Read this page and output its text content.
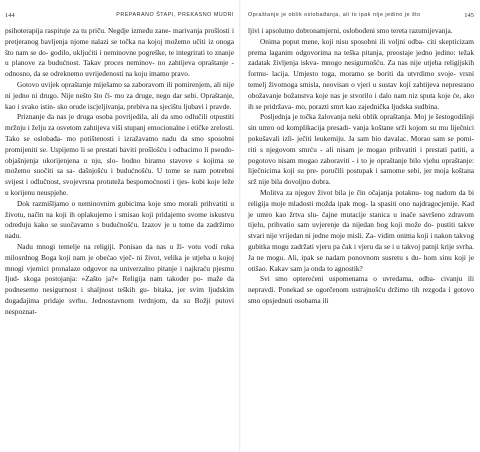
144	PREPARANO ŠTAPI, PREKASNO MUDRI

psihoterapija raspituje za tu priču. Negdje između zane- marivanja prošlosti i pretjeranog bavljenja njome nalazi se točka na kojoj možemo učiti iz onoga što nam se do- godilo, ukljućiti i neminovne pogreške, te integrirati to znanje u planove za budućnost. Takav proces neminov- no zahtijeva opraštanje - odnosno, da se odreknemo uvrijeđenosti na koju imamo pravo.

Gotovo uvijek opraštanje miješamo sa zaboravom ili pomirenjem, ali nije ni jedno ni drugo. Nije nešto što či- mo za druge, nego dar sebi. Opraštanje, kao i svako istin- sko orude iscjeljivanja, prebiva na sjecištu ljubavi i pravde.

Priznanje da nas je druga osoba povrijedila, ali da smo odlučili otpustiti mržnju i želju za osvetom zahtijeva viši stupanj emocionalne i etičke zrelosti. Tako se oslobađa- mo potištenosti i izražavamo nadu da smo sposobni promijeniti se. Uspijemo li se prestati baviti prošlošću i odbacimo li pseudo-objašnjenja ukorijenjena u nju, slo- bodno biramo stavove s kojima se možemo suočiti sa sa- dašnjošću i budućnošću. U tome se nam potrebni svijest i odlučnost, svojevrsna protuteža bespomoćnosti i tjes- kobi koje leže u korijenu neuspjehe.

Dok razmišljamo o neminovnim gubicima koje smo morali prihvatiti u životu, način na koji ih oplakujemo i smisao koji pridajemo svome iskustvu određuju kako se suočavamo s budućnošću. Izazov je u tome da zadržimo nadu.

Nadu mnogi temelje na religiji. Ponisao da nas u ži- votu vodi ruka milosrdnog Boga koji nam je obećao vječ- ni život, velika je utjeha u kojoj mnogi vjernici pronalaze odgovor na univerzalno pitanje i najkraću pjesmu Ijud- skoga postojanja: »Zašto ja?« Religija nam također po- maže da podnesemo nesigurnost i shaljnost teških gu- bitaka, jer svim ljudskim događajima pridaje svrhu. Jednostavnom tvrdnjom, da su Božji putovi nespoznat-

Opraštanje je oblik oslobađanja, ali to ipak nije jedino je što	145

ljivi i apsolutno dobronamjerni, oslobođeni smo tereta razumijevanja.

Onima poput mene, koji nisu sposobni ili voljni odba- citi skepticizam prema laganim odgovorima na teška pitanja, preostaje jedno jedino: težak zadatak življenja iskva- mnogo nesigurnošću. Za nas nije utjeha religijskih formu- lacija. Umjesto toga, moramo se boriti da utvrdimo svoje- vrsni temelj životnoga smisla, neovisan o vjeri u sustav koji zahtijeva nepresrano obožavanje božanstva koje nas je stvorilo i dalo nam niz sputa koje će, ako ih se pridržava- mo, porazti smrt kao zajednička ljudska sudbina.

Posljednja je točka žalovanja neki oblik opraštanja. Moj je šestogodišnji sin umro od komplikacija presadi- vanja koštane srži kojom su mu liječnici pokušavali izli- ječiti leukemiju. Ja sam bio davalac. Morao sam se pomi- riti s njegovom smrću - ali nisam je mogao prihvatiti i prestati patiti, a pogotovo nisam mogao zaboraviti - i to je opraštanje bilo vjehu opraštanje: liječnicima koji su pre- poručili postupak i samome sebi, jer moja koštana srž nije bila dovoljno dobra.

Molitva za njegov život bila je čin očajanja potaknu- tog nadom da bi religija moje mladosti možda ipak mog- la spasiti ono najdragocjenije. Kad je umro kao žrtva slu- čajne mutacije stanica u inače savršeno zdravom tijelu, prihvatio sam uvjerenje da nijedan bog koji može do- pustiti takve stvari nije vrijedan ni jedne moje misli. Za- vidim onima koji i nakon takvog gubitka mogu zadržati vjeru pa čak i vjeru da se i u takvoj patnji krije svrha. Ja ne mogu. Ali, ipak se nadam ponovnom susretu s du- hom sinu koji je otišao. Kakav sam ja onda to agnostik?

Svi smo opterećeni uspomenama o uvredama, odba- civanju ili nepravdi. Ponekad se ogorčenom ustrajnošću držimo tih rezgoda i gotovo smo opsjednuti osobama ili
